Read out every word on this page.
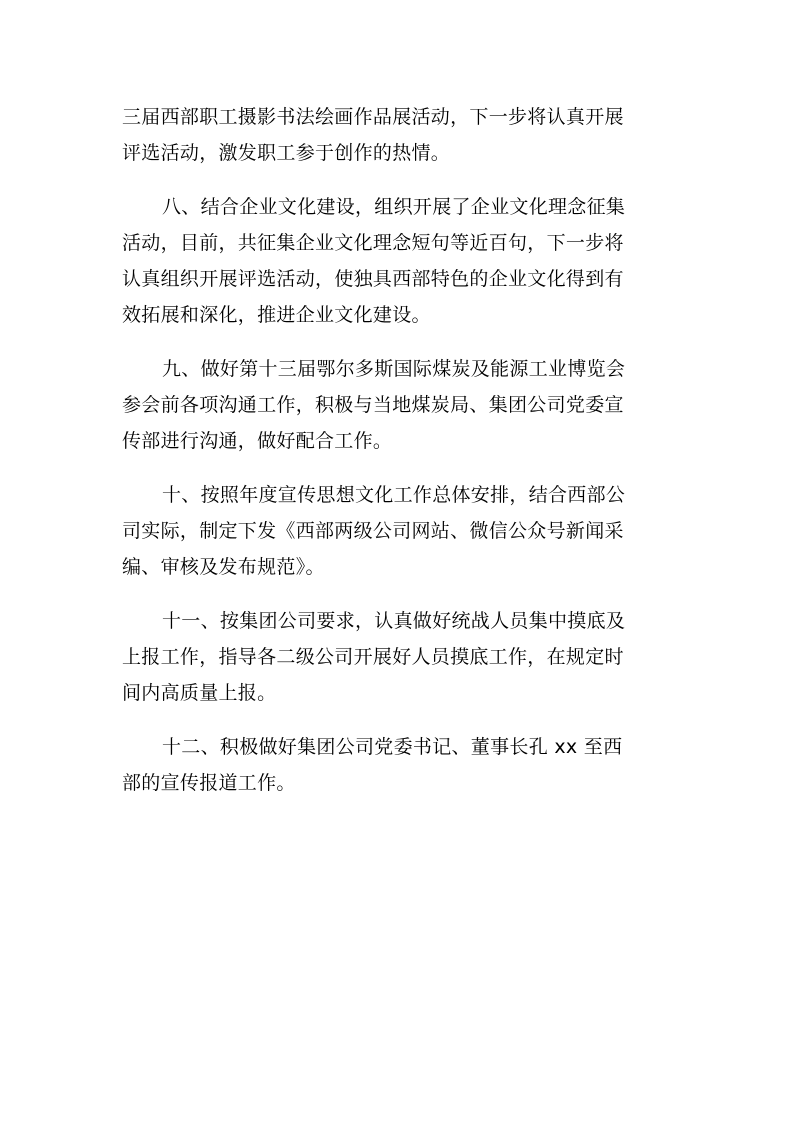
三届西部职工摄影书法绘画作品展活动，下一步将认真开展
评选活动，激发职工参于创作的热情。
八、结合企业文化建设，组织开展了企业文化理念征集
活动，目前，共征集企业文化理念短句等近百句，下一步将
认真组织开展评选活动，使独具西部特色的企业文化得到有
效拓展和深化，推进企业文化建设。
九、做好第十三届鄂尔多斯国际煤炭及能源工业博览会
参会前各项沟通工作，积极与当地煤炭局、集团公司党委宣
传部进行沟通，做好配合工作。
十、按照年度宣传思想文化工作总体安排，结合西部公
司实际，制定下发《西部两级公司网站、微信公众号新闻采
编、审核及发布规范》。
十一、按集团公司要求，认真做好统战人员集中摸底及
上报工作，指导各二级公司开展好人员摸底工作，在规定时
间内高质量上报。
十二、积极做好集团公司党委书记、董事长孔 xx 至西
部的宣传报道工作。
